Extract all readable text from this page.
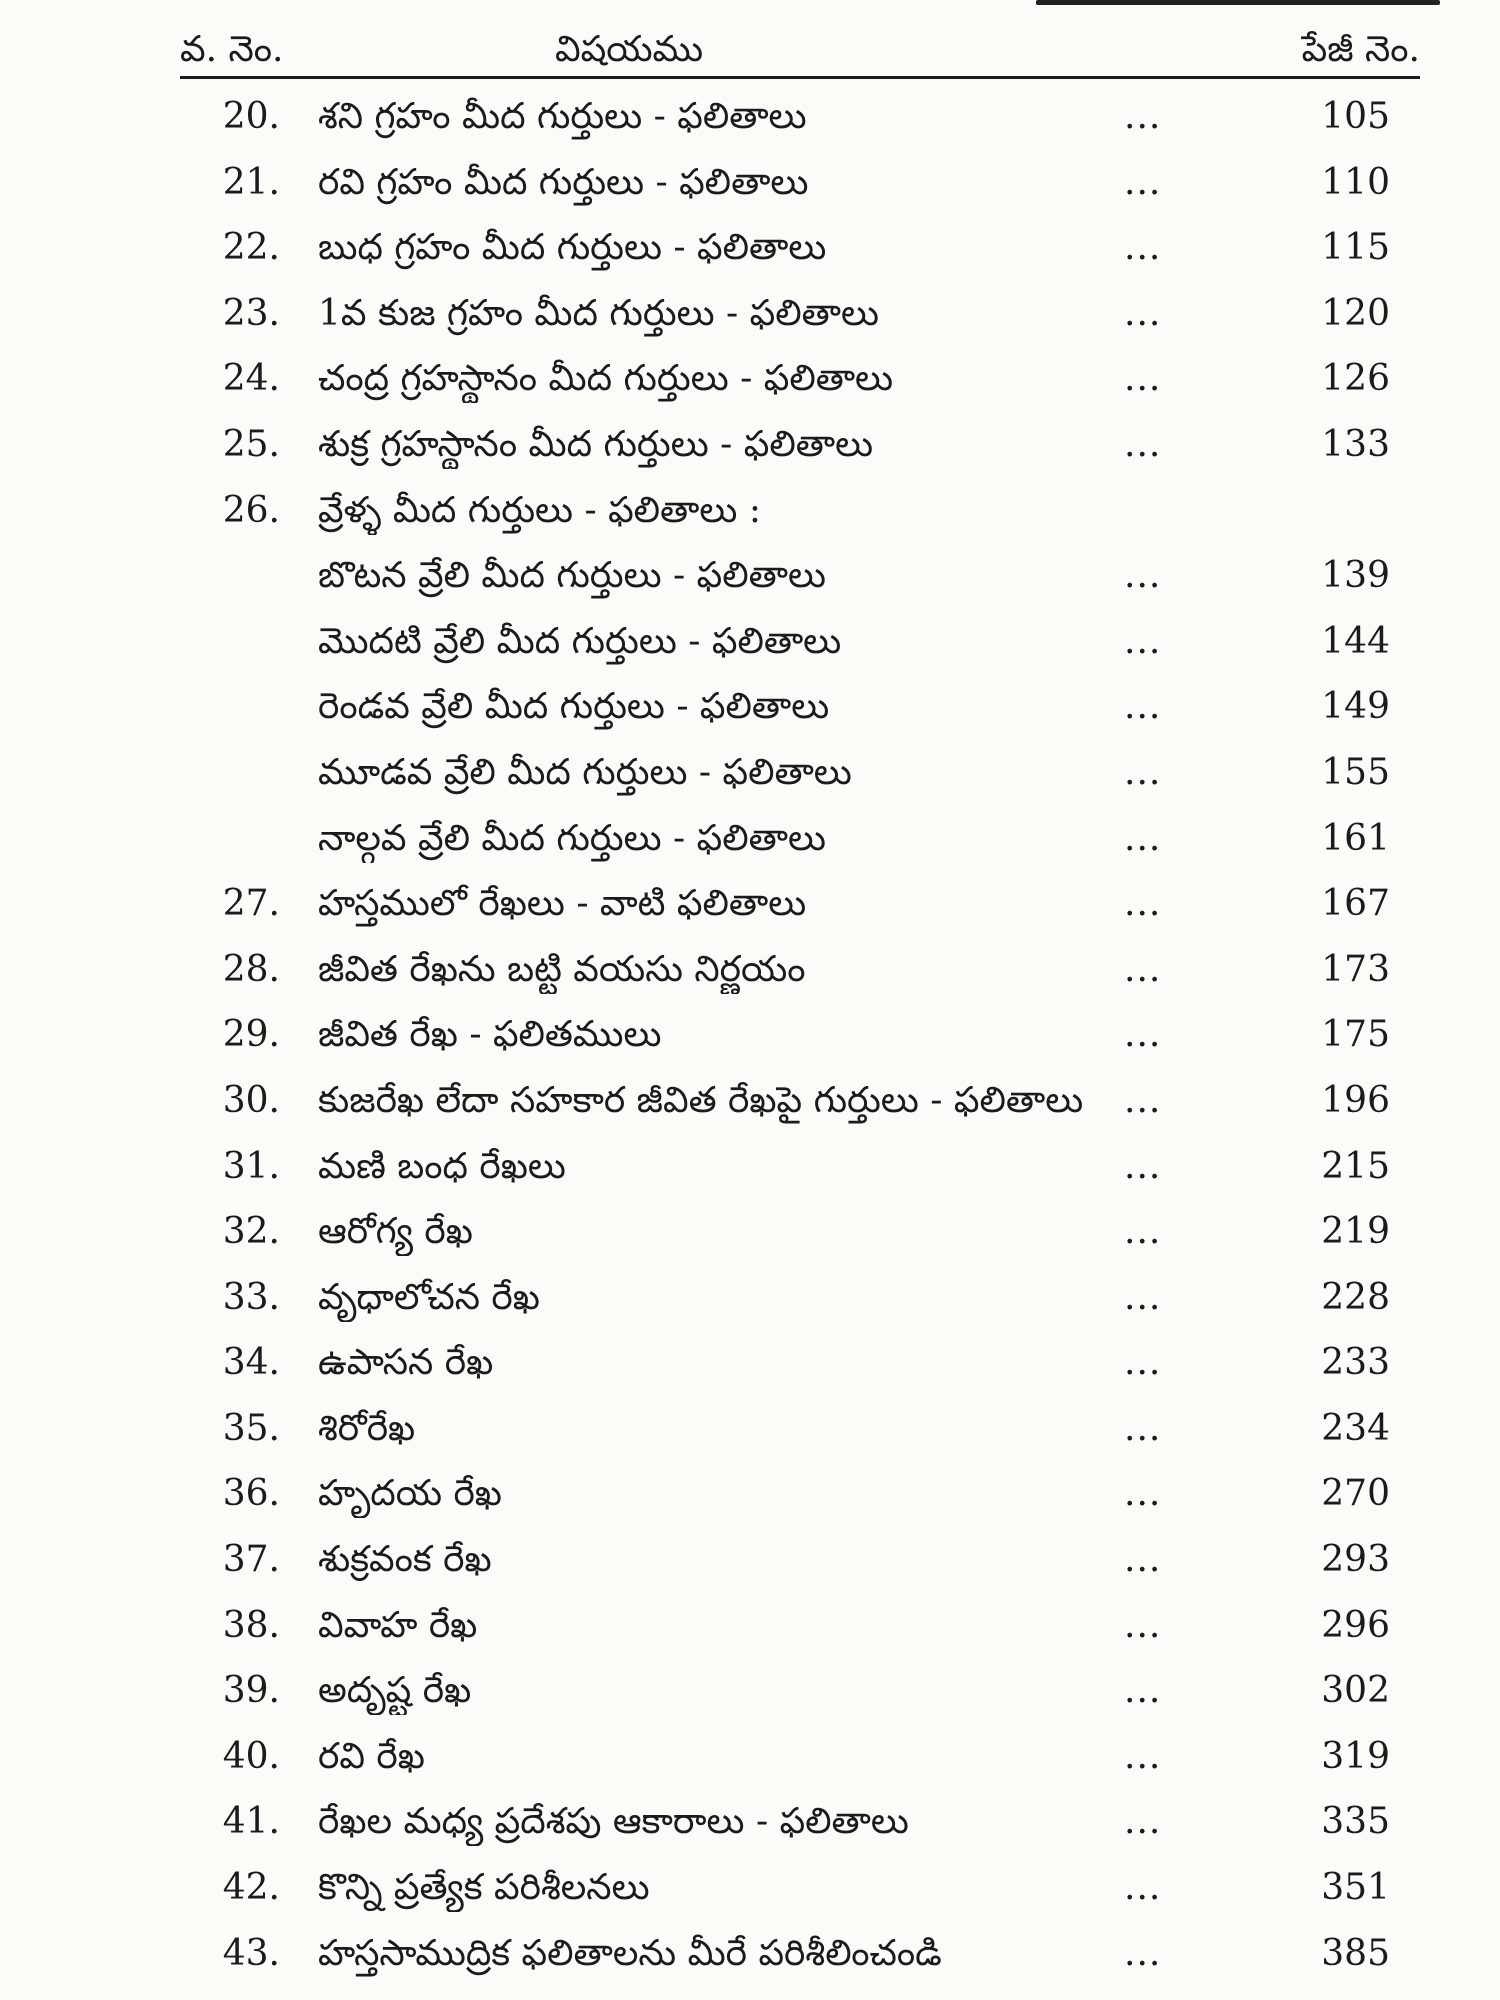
వ. నెం.	విషయము	పేజీ నెం.
20. శని గ్రహం మీద గుర్తులు - ఫలితాలు	...	105
21. రవి గ్రహం మీద గుర్తులు - ఫలితాలు	...	110
22. బుధ గ్రహం మీద గుర్తులు - ఫలితాలు	...	115
23. 1వ కుజ గ్రహం మీద గుర్తులు - ఫలితాలు	...	120
24. చంద్ర గ్రహస్థానం మీద గుర్తులు - ఫలితాలు	...	126
25. శుక్ర గ్రహస్థానం మీద గుర్తులు - ఫలితాలు	...	133
26. వ్రేళ్ళ మీద గుర్తులు - ఫలితాలు :
బొటన వ్రేలి మీద గుర్తులు - ఫలితాలు	...	139
మొదటి వ్రేలి మీద గుర్తులు - ఫలితాలు	...	144
రెండవ వ్రేలి మీద గుర్తులు - ఫలితాలు	...	149
మూడవ వ్రేలి మీద గుర్తులు - ఫలితాలు	...	155
నాల్గవ వ్రేలి మీద గుర్తులు - ఫలితాలు	...	161
27. హస్తములో రేఖలు - వాటి ఫలితాలు	...	167
28. జీవిత రేఖను బట్టి వయసు నిర్ణయం	...	173
29. జీవిత రేఖ - ఫలితములు	...	175
30. కుజరేఖ లేదా సహకార జీవిత రేఖపై గుర్తులు - ఫలితాలు ...	196
31. మణి బంధ రేఖలు	...	215
32. ఆరోగ్య రేఖ	...	219
33. వృధాలోచన రేఖ	...	228
34. ఉపాసన రేఖ	...	233
35. శిరోరేఖ	...	234
36. హృదయ రేఖ	...	270
37. శుక్రవంక రేఖ	...	293
38. వివాహ రేఖ	...	296
39. అదృష్ట రేఖ	...	302
40. రవి రేఖ	...	319
41. రేఖల మధ్య ప్రదేశపు ఆకారాలు - ఫలితాలు	...	335
42. కొన్ని ప్రత్యేక పరిశీలనలు	...	351
43. హస్తసాముద్రిక ఫలితాలను మీరే పరిశీలించండి	...	385
